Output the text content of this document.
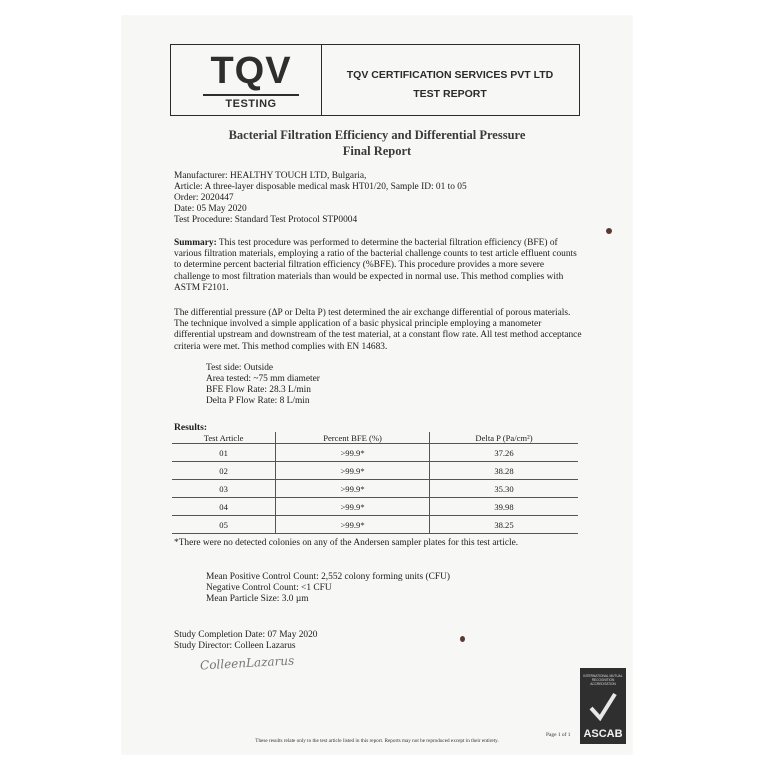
TQV
TESTING
TQV CERTIFICATION SERVICES PVT LTD
TEST REPORT
Bacterial Filtration Efficiency and Differential Pressure
Final Report
Manufacturer: HEALTHY TOUCH LTD, Bulgaria,
Article: A three-layer disposable medical mask HT01/20, Sample ID: 01 to 05
Order: 2020447
Date: 05 May 2020
Test Procedure: Standard Test Protocol STP0004
Summary: This test procedure was performed to determine the bacterial filtration efficiency (BFE) of various filtration materials, employing a ratio of the bacterial challenge counts to test article effluent counts to determine percent bacterial filtration efficiency (%BFE). This procedure provides a more severe challenge to most filtration materials than would be expected in normal use. This method complies with ASTM F2101.
The differential pressure (ΔP or Delta P) test determined the air exchange differential of porous materials. The technique involved a simple application of a basic physical principle employing a manometer differential upstream and downstream of the test material, at a constant flow rate. All test method acceptance criteria were met. This method complies with EN 14683.
Test side: Outside
Area tested: ~75 mm diameter
BFE Flow Rate: 28.3 L/min
Delta P Flow Rate: 8 L/min
Results:
Test Article	Percent BFE (%)	Delta P (Pa/cm²)
01	>99.9*	37.26
02	>99.9*	38.28
03	>99.9*	35.30
04	>99.9*	39.98
05	>99.9*	38.25
*There were no detected colonies on any of the Andersen sampler plates for this test article.
Mean Positive Control Count: 2,552 colony forming units (CFU)
Negative Control Count: <1 CFU
Mean Particle Size: 3.0 µm
Study Completion Date: 07 May 2020
Study Director: Colleen Lazarus
ColleenLazarus
INTERNATIONAL MUTUAL RECOGNITION ACCREDITATION
ASCAB
Page 1 of 1
These results relate only to the test article listed in this report. Reports may not be reproduced except in their entirety.
